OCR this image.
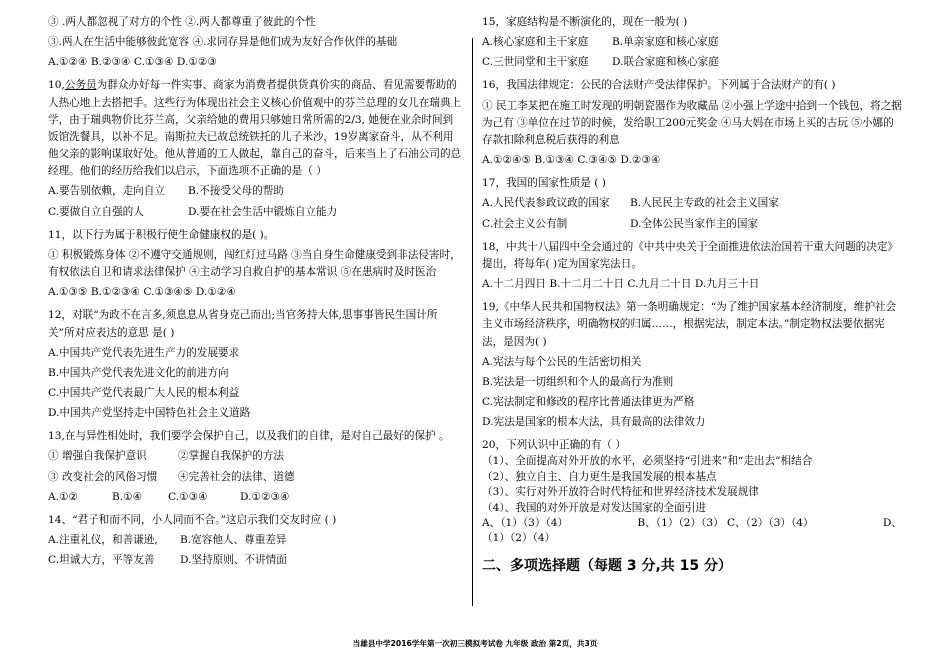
③ .两人都忽视了对方的个性 ②.两人都尊重了彼此的个性

③.两人在生活中能够彼此宽容 ④.求同存异是他们成为友好合作伙伴的基础

A.①②④ B.②③④ C.①③④ D.①②③

10,公务员为群众办好每一件实事、商家为消费者提供货真价实的商品、看见需要帮助的人热心地上去搭把手。这些行为体现出社会主义核心价值观中的芬兰总理的女儿在瑞典上学，由于瑞典物价比芬兰高，父亲给她的费用只够她日常所需的2/3, 她便在业余时间到饭馆洗餐具，以补不足。南斯拉夫已故总统铁托的儿子米沙，19岁离家奋斗，从不利用他父亲的影响谋取好处。他从普通的工人做起，靠自己的奋斗，后来当上了石油公司的总经理。他们的经历给我们以启示，下面选项不正确的是（ ）

A.要告别依赖，走向自立	B.不接受父母的帮助
C.要做自立自强的人	D.要在社会生活中锻炼自立能力

11，以下行为属于积极行使生命健康权的是( )。

① 积极锻炼身体 ②不遵守交通规则，闯红灯过马路 ③当自身生命健康受到非法侵害时，有权依法自卫和请求法律保护 ④主动学习自救自护的基本常识 ⑤在患病时及时医治

A.①③⑤ B.①②③④ C.①③④⑤ D.①②④

12，对联“为政不在言多,须息息从省身克己而出;当官务持大体,思事事皆民生国计所关”所对应表达的意思 是( )

A.中国共产党代表先进生产力的发展要求

B.中国共产党代表先进文化的前进方向

C.中国共产党代表最广大人民的根本利益

D.中国共产党坚持走中国特色社会主义道路

13,在与异性相处时，我们要学会保护自己，以及我们的自律，是对自己最好的保护 。

① 增强自我保护意识	②掌握自我保护的方法
③ 改变社会的风俗习惯	④完善社会的法律、道德
A.①②	B.①④	C.①③④	D.①②③④

14、“君子和而不同，小人同而不合。”这启示我们交友时应 ( )

A.注重礼仪，和善谦逊,	B.宽容他人、尊重差异
C.坦诚大方，平等友善	D.坚持原则、不讲情面

15，家庭结构是不断演化的，现在一般为( )

A.核心家庭和主干家庭	B.单亲家庭和核心家庭
C.三世同堂和主干家庭	D.联合家庭和核心家庭

16，我国法律规定：公民的合法财产受法律保护。下列属于合法财产的有( )

① 民工李某把在施工时发现的明朝瓷器作为收藏品 ②小强上学途中拾到一个钱包，将之据为己有 ③单位在过节的时候，发给职工200元奖金 ④马大妈在市场上买的古玩 ⑤小娜的存款扣除利息税后获得的利息

A.①②④⑤ B.①③④ C.③④⑤ D.②③④

17，我国的国家性质是 ( )

A.人民代表参政议政的国家	B.人民民主专政的社会主义国家
C.社会主义公有制	D.全体公民当家作主的国家

18，中共十八届四中全会通过的《中共中央关于全面推进依法治国若干重大问题的决定》提出，将每年( )定为国家宪法日。

A.十二月四日 B.十二月二十日 C.九月二十日 D.九月三十日

19,《中华人民共和国物权法》第一条明确规定：“为了维护国家基本经济制度，维护社会主义市场经济秩序，明确物权的归属……，根据宪法，制定本法。”制定物权法要依据宪法，是因为( )

A.宪法与每个公民的生活密切相关

B.宪法是一切组织和个人的最高行为准则

C.宪法制定和修改的程序比普通法律更为严格

D.宪法是国家的根本大法，具有最高的法律效力

20，下列认识中正确的有（ ）

（1）、全面提高对外开放的水平，必须坚持“引进来”和“走出去”相结合

（2）、独立自主、自力更生是我国发展的根本基点

（3）、实行对外开放符合时代特征和世界经济技术发展规律

（4）、我国的对外开放是对发达国家的全面引进

A、（1）（3）（4）	B、（1）（2）（3） C、（2）（3）（4）	D、

（1）（2）（4）

二、多项选择题（每题 3 分,共 15 分）

当雄县中学2016学年第一次初三模拟考试卷 九年级 政治 第2页，共3页
